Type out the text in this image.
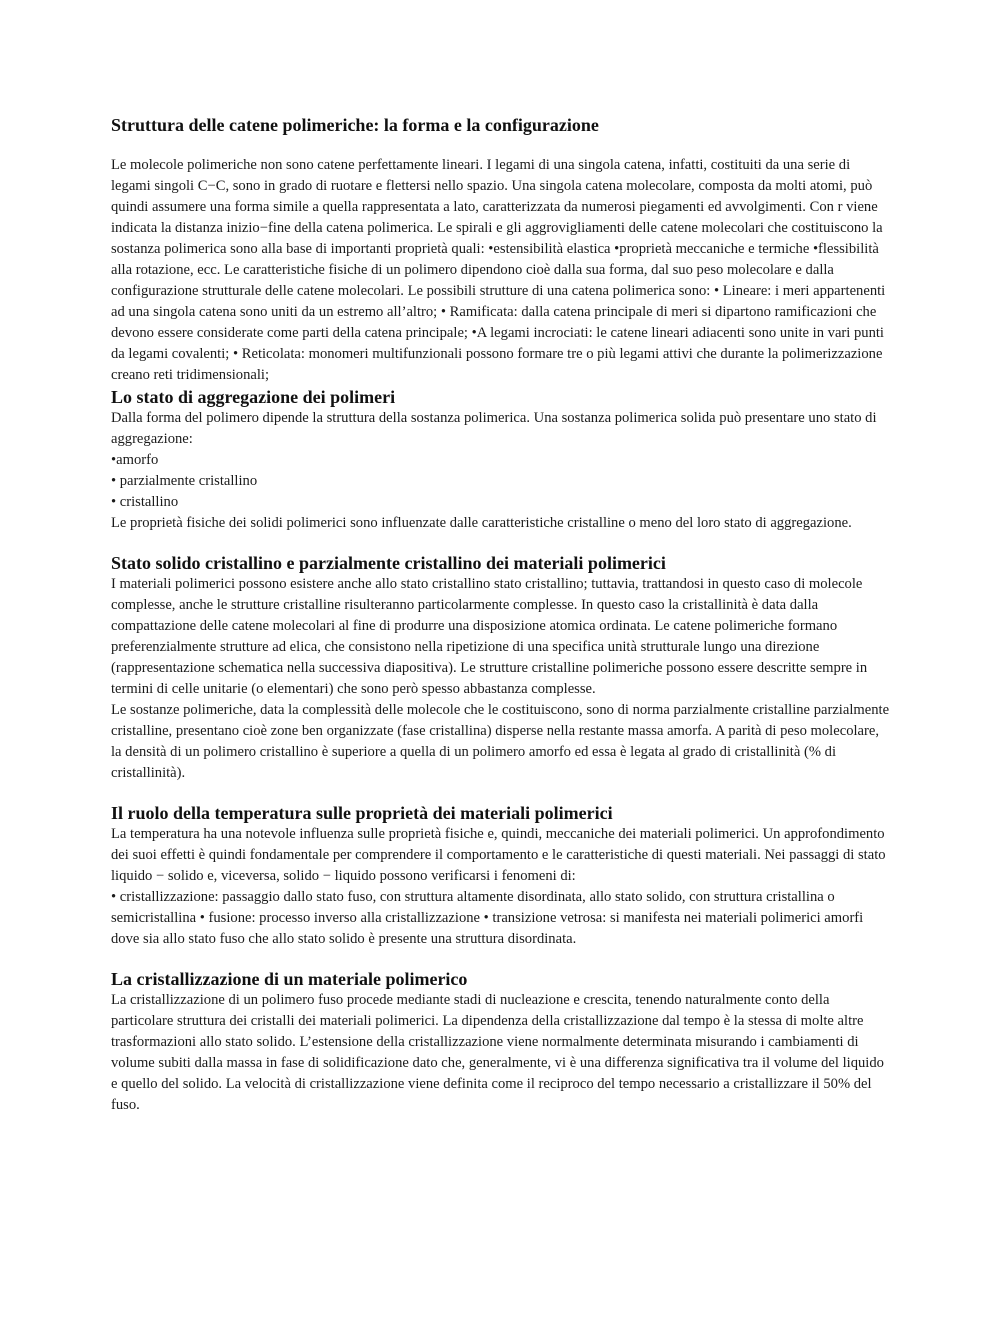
Struttura delle catene polimeriche: la forma e la configurazione

Le molecole polimeriche non sono catene perfettamente lineari. I legami di una singola catena, infatti, costituiti da una serie di legami singoli C−C, sono in grado di ruotare e flettersi nello spazio. Una singola catena molecolare, composta da molti atomi, può quindi assumere una forma simile a quella rappresentata a lato, caratterizzata da numerosi piegamenti ed avvolgimenti. Con r viene indicata la distanza inizio−fine della catena polimerica. Le spirali e gli aggrovigliamenti delle catene molecolari che costituiscono la sostanza polimerica sono alla base di importanti proprietà quali: •estensibilità elastica •proprietà meccaniche e termiche •flessibilità alla rotazione, ecc. Le caratteristiche fisiche di un polimero dipendono cioè dalla sua forma, dal suo peso molecolare e dalla configurazione strutturale delle catene molecolari. Le possibili strutture di una catena polimerica sono: • Lineare: i meri appartenenti ad una singola catena sono uniti da un estremo all’altro; • Ramificata: dalla catena principale di meri si dipartono ramificazioni che devono essere considerate come parti della catena principale; •A legami incrociati: le catene lineari adiacenti sono unite in vari punti da legami covalenti; • Reticolata: monomeri multifunzionali possono formare tre o più legami attivi che durante la polimerizzazione creano reti tridimensionali;

Lo stato di aggregazione dei polimeri

Dalla forma del polimero dipende la struttura della sostanza polimerica. Una sostanza polimerica solida può presentare uno stato di aggregazione:

•amorfo
• parzialmente cristallino
• cristallino

Le proprietà fisiche dei solidi polimerici sono influenzate dalle caratteristiche cristalline o meno del loro stato di aggregazione.

Stato solido cristallino e parzialmente cristallino dei materiali polimerici

I materiali polimerici possono esistere anche allo stato cristallino stato cristallino; tuttavia, trattandosi in questo caso di molecole complesse, anche le strutture cristalline risulteranno particolarmente complesse. In questo caso la cristallinità è data dalla compattazione delle catene molecolari al fine di produrre una disposizione atomica ordinata. Le catene polimeriche formano preferenzialmente strutture ad elica, che consistono nella ripetizione di una specifica unità strutturale lungo una direzione (rappresentazione schematica nella successiva diapositiva). Le strutture cristalline polimeriche possono essere descritte sempre in termini di celle unitarie (o elementari) che sono però spesso abbastanza complesse.

Le sostanze polimeriche, data la complessità delle molecole che le costituiscono, sono di norma parzialmente cristalline parzialmente cristalline, presentano cioè zone ben organizzate (fase cristallina) disperse nella restante massa amorfa. A parità di peso molecolare, la densità di un polimero cristallino è superiore a quella di un polimero amorfo ed essa è legata al grado di cristallinità (% di cristallinità).

Il ruolo della temperatura sulle proprietà dei materiali polimerici

La temperatura ha una notevole influenza sulle proprietà fisiche e, quindi, meccaniche dei materiali polimerici. Un approfondimento dei suoi effetti è quindi fondamentale per comprendere il comportamento e le caratteristiche di questi materiali. Nei passaggi di stato liquido − solido e, viceversa, solido − liquido possono verificarsi i fenomeni di:

• cristallizzazione: passaggio dallo stato fuso, con struttura altamente disordinata, allo stato solido, con struttura cristallina o semicristallina • fusione: processo inverso alla cristallizzazione • transizione vetrosa: si manifesta nei materiali polimerici amorfi dove sia allo stato fuso che allo stato solido è presente una struttura disordinata.

La cristallizzazione di un materiale polimerico

La cristallizzazione di un polimero fuso procede mediante stadi di nucleazione e crescita, tenendo naturalmente conto della particolare struttura dei cristalli dei materiali polimerici. La dipendenza della cristallizzazione dal tempo è la stessa di molte altre trasformazioni allo stato solido. L’estensione della cristallizzazione viene normalmente determinata misurando i cambiamenti di volume subiti dalla massa in fase di solidificazione dato che, generalmente, vi è una differenza significativa tra il volume del liquido e quello del solido. La velocità di cristallizzazione viene definita come il reciproco del tempo necessario a cristallizzare il 50% del fuso.
